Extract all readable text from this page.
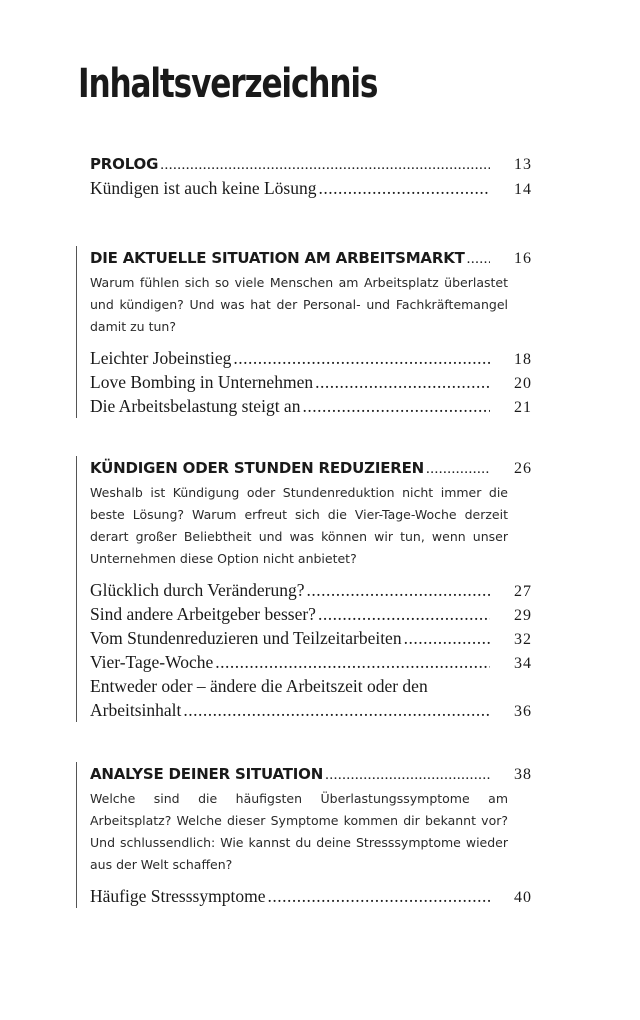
Inhaltsverzeichnis
PROLOG .....	13
Kündigen ist auch keine Lösung .....	14
DIE AKTUELLE SITUATION AM ARBEITSMARKT .....	16
Warum fühlen sich so viele Menschen am Arbeitsplatz überlastet und kündigen? Und was hat der Personal- und Fachkräftemangel damit zu tun?
Leichter Jobeinstieg .....	18
Love Bombing in Unternehmen .....	20
Die Arbeitsbelastung steigt an .....	21
KÜNDIGEN ODER STUNDEN REDUZIEREN .....	26
Weshalb ist Kündigung oder Stundenreduktion nicht immer die beste Lösung? Warum erfreut sich die Vier-Tage-Woche derzeit derart großer Beliebtheit und was können wir tun, wenn unser Unternehmen diese Option nicht anbietet?
Glücklich durch Veränderung? .....	27
Sind andere Arbeitgeber besser? .....	29
Vom Stundenreduzieren und Teilzeitarbeiten .....	32
Vier-Tage-Woche .....	34
Entweder oder – ändere die Arbeitszeit oder den
Arbeitsinhalt .....	36
ANALYSE DEINER SITUATION .....	38
Welche sind die häufigsten Überlastungssymptome am Arbeitsplatz? Welche dieser Symptome kommen dir bekannt vor? Und schlussendlich: Wie kannst du deine Stresssymptome wieder aus der Welt schaffen?
Häufige Stresssymptome .....	40
